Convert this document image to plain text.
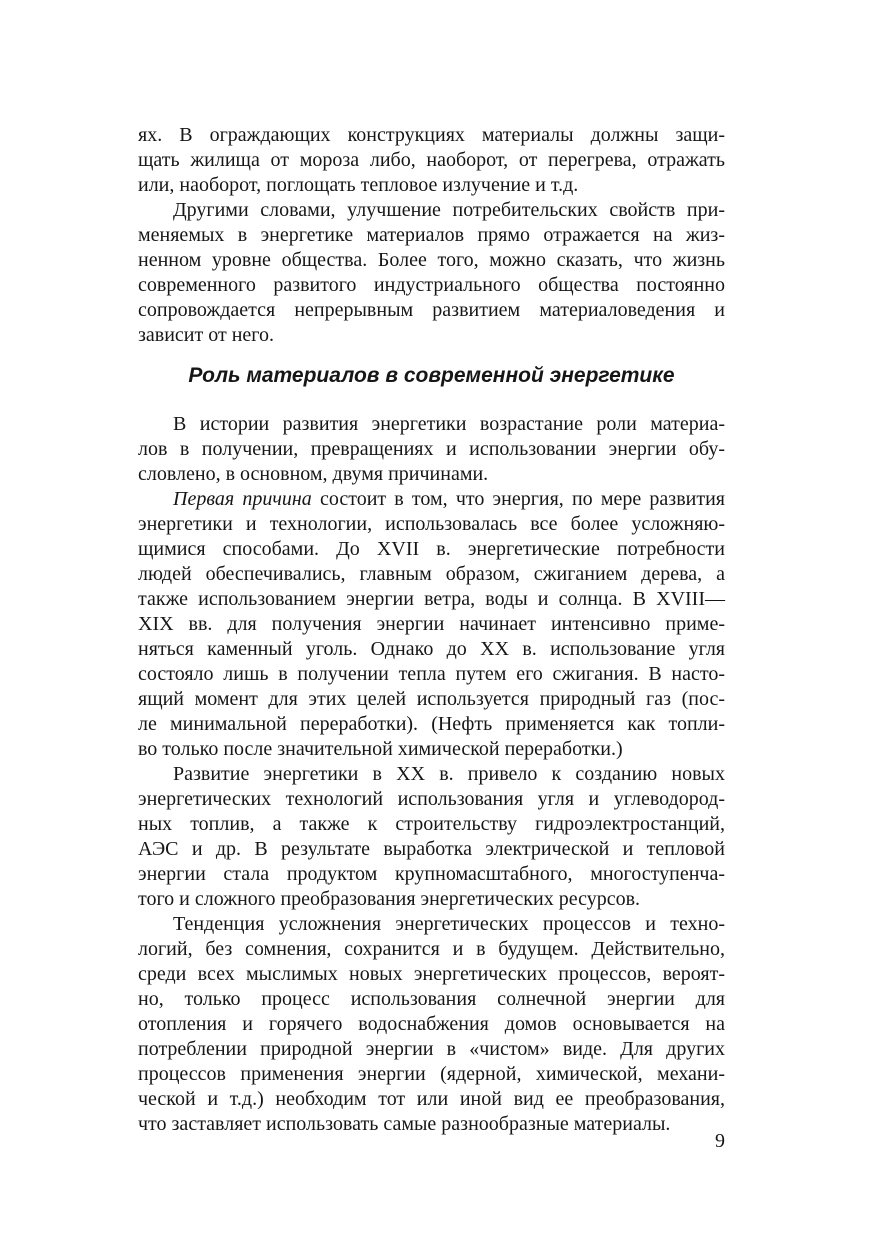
ях. В ограждающих конструкциях материалы должны защи-
щать жилища от мороза либо, наоборот, от перегрева, отражать
или, наоборот, поглощать тепловое излучение и т.д.
Другими словами, улучшение потребительских свойств при-
меняемых в энергетике материалов прямо отражается на жиз-
ненном уровне общества. Более того, можно сказать, что жизнь
современного развитого индустриального общества постоянно
сопровождается непрерывным развитием материаловедения и
зависит от него.
Роль материалов в современной энергетике
В истории развития энергетики возрастание роли материа-
лов в получении, превращениях и использовании энергии обу-
словлено, в основном, двумя причинами.
Первая причина состоит в том, что энергия, по мере развития
энергетики и технологии, использовалась все более усложняю-
щимися способами. До XVII в. энергетические потребности
людей обеспечивались, главным образом, сжиганием дерева, а
также использованием энергии ветра, воды и солнца. В XVIII—
XIX вв. для получения энергии начинает интенсивно приме-
няться каменный уголь. Однако до XX в. использование угля
состояло лишь в получении тепла путем его сжигания. В насто-
ящий момент для этих целей используется природный газ (пос-
ле минимальной переработки). (Нефть применяется как топли-
во только после значительной химической переработки.)
Развитие энергетики в XX в. привело к созданию новых
энергетических технологий использования угля и углеводород-
ных топлив, а также к строительству гидроэлектростанций,
АЭС и др. В результате выработка электрической и тепловой
энергии стала продуктом крупномасштабного, многоступенча-
того и сложного преобразования энергетических ресурсов.
Тенденция усложнения энергетических процессов и техно-
логий, без сомнения, сохранится и в будущем. Действительно,
среди всех мыслимых новых энергетических процессов, вероят-
но, только процесс использования солнечной энергии для
отопления и горячего водоснабжения домов основывается на
потреблении природной энергии в «чистом» виде. Для других
процессов применения энергии (ядерной, химической, механи-
ческой и т.д.) необходим тот или иной вид ее преобразования,
что заставляет использовать самые разнообразные материалы.
9
